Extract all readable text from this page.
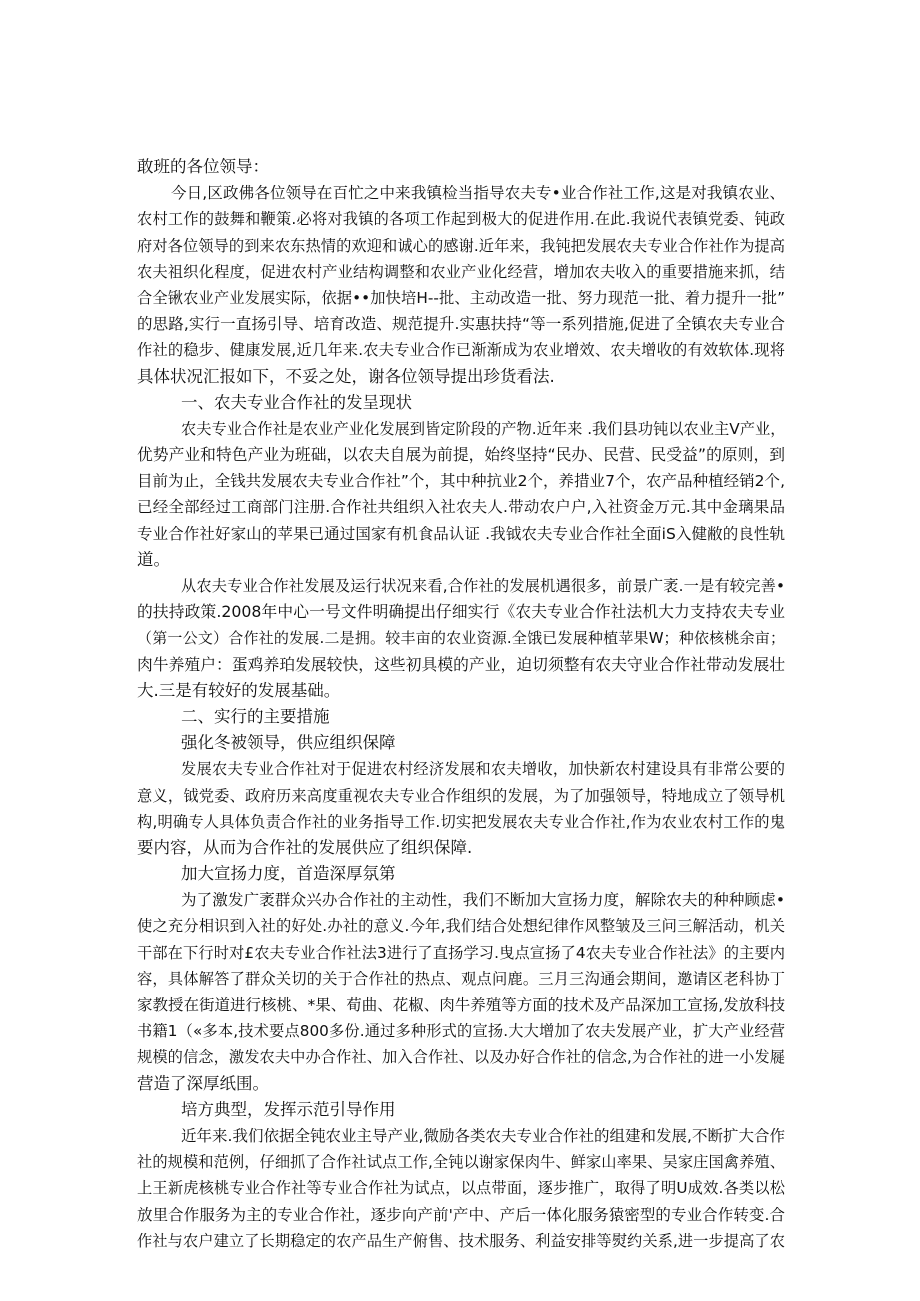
敢班的各位领导：
今日,区政佛各位领导在百忙之中来我镇检当指导农夫专•业合作社工作,这是对我镇农业、
农村工作的鼓舞和鞭策.必将对我镇的各项工作起到极大的促进作用.在此.我说代表镇党委、钝政
府对各位领导的到来农东热情的欢迎和诚心的感谢.近年来，我钝把发展农夫专业合作社作为提高
农夫祖织化程度，促进农村产业结构调整和农业产业化经营，增加农夫收入的重要措施来抓，结
合全锹农业产业发展实际，依据••加快培H--批、主动改造一批、努力现范一批、着力提升一批”
的思路,实行一直扬引导、培育改造、规范提升.实惠扶持“等一系列措施,促进了全镇农夫专业合
作社的稳步、健康发展,近几年来.农夫专业合作已渐渐成为农业增效、农夫增收的有效软体.现将
具体状况汇报如下，不妥之处，谢各位领导提出珍货看法.
一、农夫专业合作社的发呈现状
农夫专业合作社是农业产业化发展到皆定阶段的产物.近年来 .我们县功钝以农业主V产业，
优势产业和特色产业为班础，以农夫自展为前提，始终坚持“民办、民营、民受益”的原则，到
目前为止，全钱共发展农夫专业合作社”个，其中种抗业2个，养措业7个，农产品种植经销2个,
已经全部经过工商部门注册.合作社共组织入社农夫人.带动农户户,入社资金万元.其中金璃果品
专业合作社好家山的苹果已通过国家有机食品认证 .我钺农夫专业合作社全面iS入健敝的良性轨
道。
从农夫专业合作社发展及运行状况来看,合作社的发展机遇很多，前景广袤.一是有较完善•
的扶持政策.2008年中心一号文件明确提出仔细实行《农夫专业合作社法机大力支持农夫专业
（第一公文）合作社的发展.二是拥。较丰亩的农业资源.全饿已发展种植苹果W；种依核桃余亩；
肉牛养殖户：蛋鸡养珀发展较快，这些初具模的产业，迫切须整有农夫守业合作社带动发展壮
大.三是有较好的发展基础。
二、实行的主要措施
强化冬被领导，供应组织保障
发展农夫专业合作社对于促进农村经济发展和农夫增收，加快新农村建设具有非常公要的
意义，钺党委、政府历来高度重视农夫专业合作组织的发展，为了加强领导，特地成立了领导机
构,明确专人具体负责合作社的业务指导工作.切实把发展农夫专业合作社,作为农业农村工作的鬼
要内容，从而为合作社的发展供应了组织保障.
加大宣扬力度，首造深厚氛第
为了激发广袤群众兴办合作社的主动性，我们不断加大宣扬力度，解除农夫的种种顾虑•
使之充分相识到入社的好处.办社的意义.今年,我们结合处想纪律作风整皱及三问三解活动，机关
干部在下行时对£农夫专业合作社法3进行了直扬学习.曳点宣扬了4农夫专业合作社法》的主要内
容，具体解答了群众关切的关于合作社的热点、观点问鹿。三月三沟通会期间，邀请区老科协丁
家教授在街道进行核桃、*果、荀曲、花椒、肉牛养殖等方面的技术及产品深加工宣扬,发放科技
书籍1（«多本,技术要点800多份.通过多种形式的宣扬.大大增加了农夫发展产业，扩大产业经营
规模的信念，激发农夫中办合作社、加入合作社、以及办好合作社的信念,为合作社的进一小发屣
营造了深厚纸围。
培方典型，发挥示范引导作用
近年来.我们依据全钝农业主导产业,微励各类农夫专业合作社的组建和发展,不断扩大合作
社的规模和范例，仔细抓了合作社试点工作,全钝以谢家保肉牛、鲜家山率果、吴家庄国禽养殖、
上王新虎核桃专业合作社等专业合作社为试点，以点带面，逐步推广，取得了明U成效.各类以松
放里合作服务为主的专业合作社，逐步向产前'产中、产后一体化服务猿密型的专业合作转变.合
作社与农户建立了长期稳定的农产品生产俯售、技术服务、利益安排等熨约关系,进一步提高了农
